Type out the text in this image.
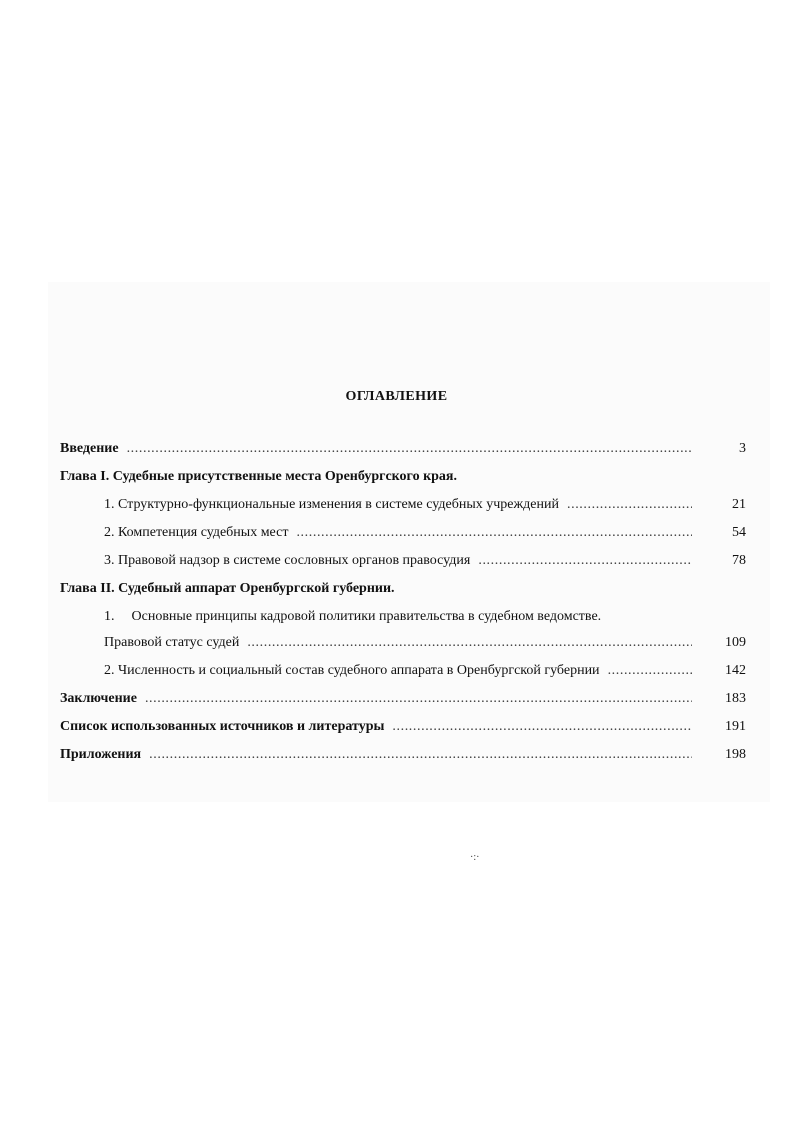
ОГЛАВЛЕНИЕ
Введение .....	3
Глава I. Судебные присутственные места Оренбургского края.
1. Структурно-функциональные изменения в системе судебных учреждений .....	21
2. Компетенция судебных мест .....	54
3. Правовой надзор в системе сословных органов правосудия .....	78
Глава II. Судебный аппарат Оренбургской губернии.
1. Основные принципы кадровой политики правительства в судебном ведомстве.
Правовой статус судей .....	109
2. Численность и социальный состав судебного аппарата в Оренбургской губернии .....	142
Заключение .....	183
Список использованных источников и литературы .....	191
Приложения .....	198
·:·
